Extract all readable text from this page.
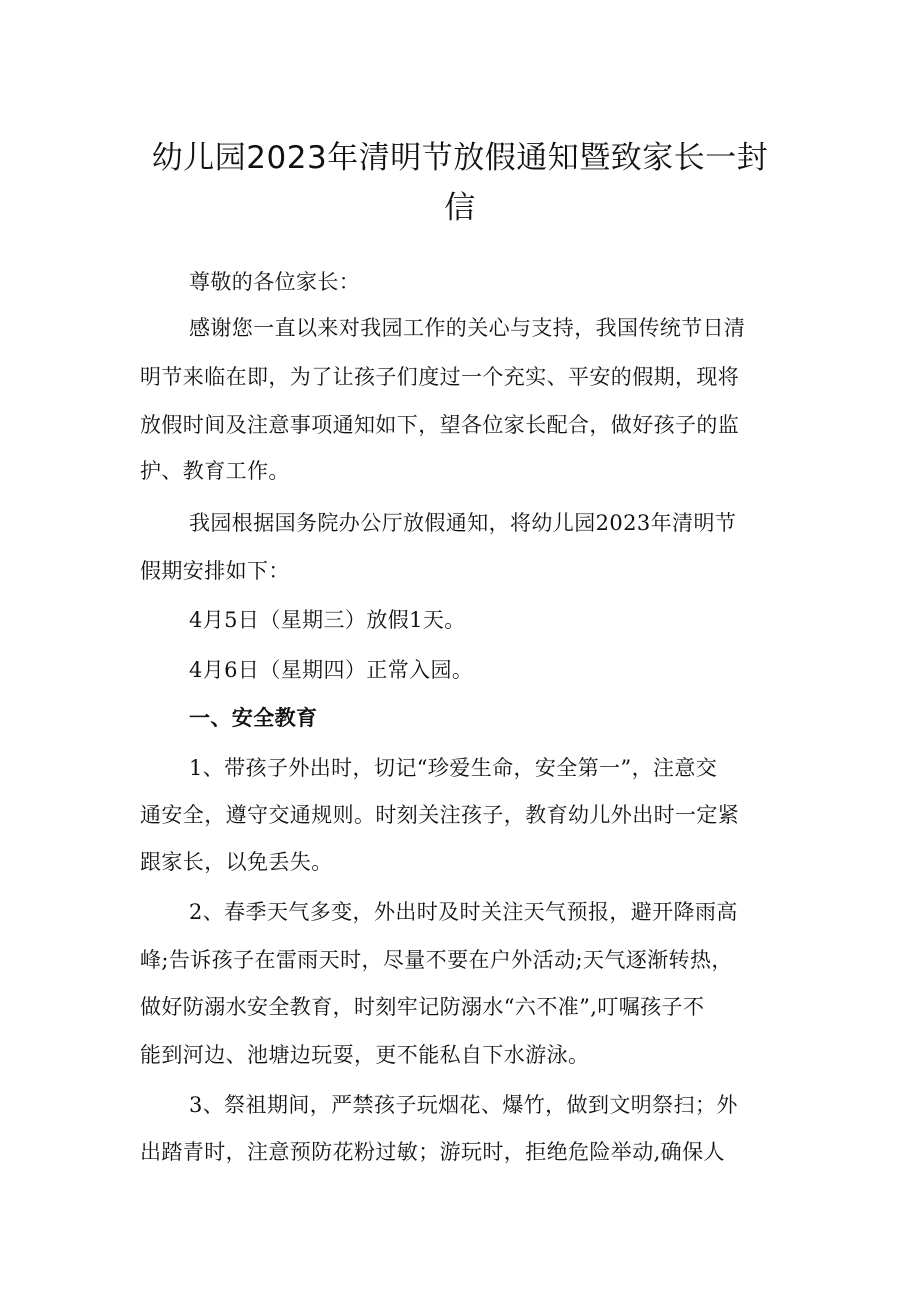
幼儿园2023年清明节放假通知暨致家长一封
信
尊敬的各位家长：
感谢您一直以来对我园工作的关心与支持，我国传统节日清
明节来临在即，为了让孩子们度过一个充实、平安的假期，现将
放假时间及注意事项通知如下，望各位家长配合，做好孩子的监
护、教育工作。
我园根据国务院办公厅放假通知，将幼儿园2023年清明节
假期安排如下：
4月5日（星期三）放假1天。
4月6日（星期四）正常入园。
一、安全教育
1、带孩子外出时，切记“珍爱生命，安全第一”，注意交
通安全，遵守交通规则。时刻关注孩子，教育幼儿外出时一定紧
跟家长，以免丢失。
2、春季天气多变，外出时及时关注天气预报，避开降雨高
峰;告诉孩子在雷雨天时，尽量不要在户外活动;天气逐渐转热，
做好防溺水安全教育，时刻牢记防溺水“六不准”,叮嘱孩子不
能到河边、池塘边玩耍，更不能私自下水游泳。
3、祭祖期间，严禁孩子玩烟花、爆竹，做到文明祭扫；外
出踏青时，注意预防花粉过敏；游玩时，拒绝危险举动,确保人
